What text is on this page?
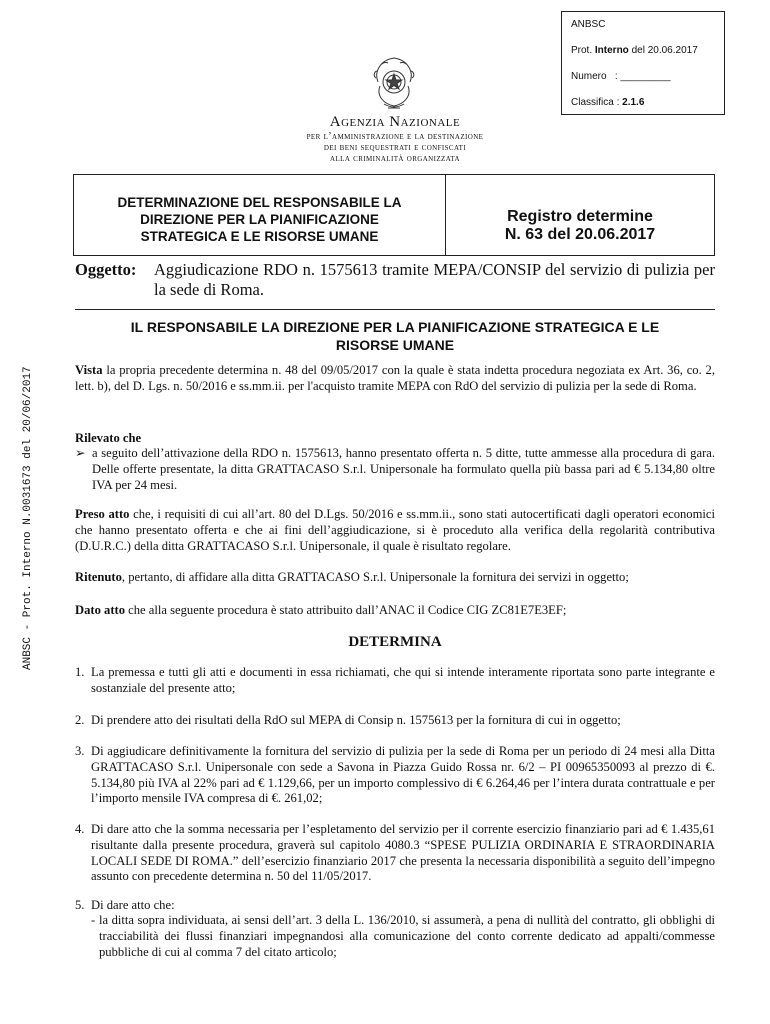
ANBSC
Prot. Interno del 20.06.2017
Numero : _________
Classifica : 2.1.6
Agenzia Nazionale
per l’amministrazione e la destinazione
dei beni sequestrati e confiscati
alla criminalità organizzata
DETERMINAZIONE DEL RESPONSABILE LA
DIREZIONE PER LA PIANIFICAZIONE
STRATEGICA E LE RISORSE UMANE
Registro determine
N. 63 del 20.06.2017
Oggetto: Aggiudicazione RDO n. 1575613 tramite MEPA/CONSIP del servizio di pulizia per la sede di Roma.
IL RESPONSABILE LA DIREZIONE PER LA PIANIFICAZIONE STRATEGICA E LE
RISORSE UMANE
ANBSC - Prot. Interno N.0031673 del 20/06/2017	Vista la propria precedente determina n. 48 del 09/05/2017 con la quale è stata indetta procedura negoziata ex Art. 36, co. 2, lett. b), del D. Lgs. n. 50/2016 e ss.mm.ii. per l'acquisto tramite MEPA con RdO del servizio di pulizia per la sede di Roma.
Rilevato che
➢ a seguito dell’attivazione della RDO n. 1575613, hanno presentato offerta n. 5 ditte, tutte ammesse alla procedura di gara. Delle offerte presentate, la ditta GRATTACASO S.r.l. Unipersonale ha formulato quella più bassa pari ad € 5.134,80 oltre IVA per 24 mesi.
Preso atto che, i requisiti di cui all’art. 80 del D.Lgs. 50/2016 e ss.mm.ii., sono stati autocertificati dagli operatori economici che hanno presentato offerta e che ai fini dell’aggiudicazione, si è proceduto alla verifica della regolarità contributiva (D.U.R.C.) della ditta GRATTACASO S.r.l. Unipersonale, il quale è risultato regolare.
Ritenuto, pertanto, di affidare alla ditta GRATTACASO S.r.l. Unipersonale la fornitura dei servizi in oggetto;
Dato atto che alla seguente procedura è stato attribuito dall’ANAC il Codice CIG ZC81E7E3EF;
DETERMINA
1. La premessa e tutti gli atti e documenti in essa richiamati, che qui si intende interamente riportata sono parte integrante e sostanziale del presente atto;
2. Di prendere atto dei risultati della RdO sul MEPA di Consip n. 1575613 per la fornitura di cui in oggetto;
3. Di aggiudicare definitivamente la fornitura del servizio di pulizia per la sede di Roma per un periodo di 24 mesi alla Ditta GRATTACASO S.r.l. Unipersonale con sede a Savona in Piazza Guido Rossa nr. 6/2 – PI 00965350093 al prezzo di €. 5.134,80 più IVA al 22% pari ad € 1.129,66, per un importo complessivo di € 6.264,46 per l’intera durata contrattuale e per l’importo mensile IVA compresa di €. 261,02;
4. Di dare atto che la somma necessaria per l’espletamento del servizio per il corrente esercizio finanziario pari ad € 1.435,61 risultante dalla presente procedura, graverà sul capitolo 4080.3 “SPESE PULIZIA ORDINARIA E STRAORDINARIA LOCALI SEDE DI ROMA.” dell’esercizio finanziario 2017 che presenta la necessaria disponibilità a seguito dell’impegno assunto con precedente determina n. 50 del 11/05/2017.
5. Di dare atto che:
- la ditta sopra individuata, ai sensi dell’art. 3 della L. 136/2010, si assumerà, a pena di nullità del contratto, gli obblighi di tracciabilità dei flussi finanziari impegnandosi alla comunicazione del conto corrente dedicato ad appalti/commesse pubbliche di cui al comma 7 del citato articolo;
